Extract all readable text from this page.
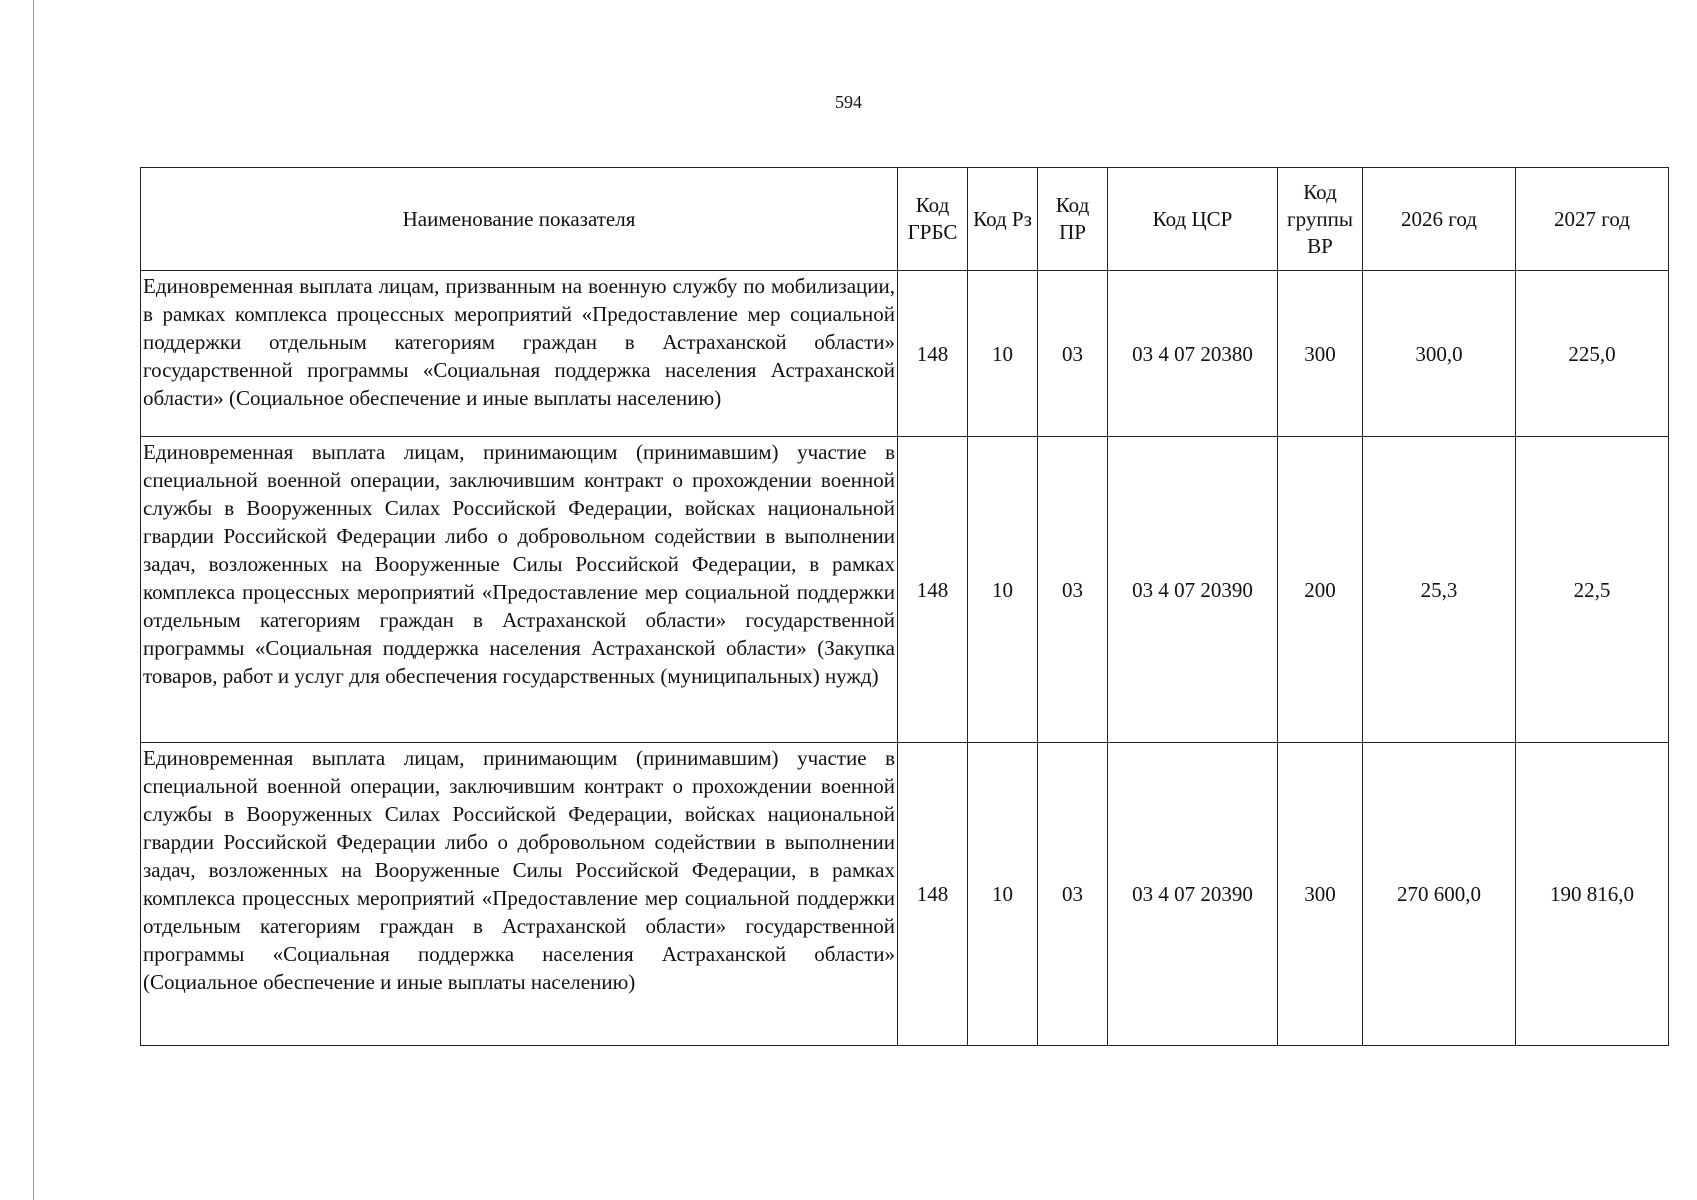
594
Наименование показателя	Код ГРБС	Код Рз	Код ПР	Код ЦСР	Код группы ВР	2026 год	2027 год
Единовременная выплата лицам, призванным на военную службу по мобилизации, в рамках комплекса процессных мероприятий «Предоставление мер социальной поддержки отдельным категориям граждан в Астраханской области» государственной программы «Социальная поддержка населения Астраханской области» (Социальное обеспечение и иные выплаты населению)	148	10	03	03 4 07 20380	300	300,0	225,0
Единовременная выплата лицам, принимающим (принимавшим) участие в специальной военной операции, заключившим контракт о прохождении военной службы в Вооруженных Силах Российской Федерации, войсках национальной гвардии Российской Федерации либо о добровольном содействии в выполнении задач, возложенных на Вооруженные Силы Российской Федерации, в рамках комплекса процессных мероприятий «Предоставление мер социальной поддержки отдельным категориям граждан в Астраханской области» государственной программы «Социальная поддержка населения Астраханской области» (Закупка товаров, работ и услуг для обеспечения государственных (муниципальных) нужд)	148	10	03	03 4 07 20390	200	25,3	22,5
Единовременная выплата лицам, принимающим (принимавшим) участие в специальной военной операции, заключившим контракт о прохождении военной службы в Вооруженных Силах Российской Федерации, войсках национальной гвардии Российской Федерации либо о добровольном содействии в выполнении задач, возложенных на Вооруженные Силы Российской Федерации, в рамках комплекса процессных мероприятий «Предоставление мер социальной поддержки отдельным категориям граждан в Астраханской области» государственной программы «Социальная поддержка населения Астраханской области» (Социальное обеспечение и иные выплаты населению)	148	10	03	03 4 07 20390	300	270 600,0	190 816,0
